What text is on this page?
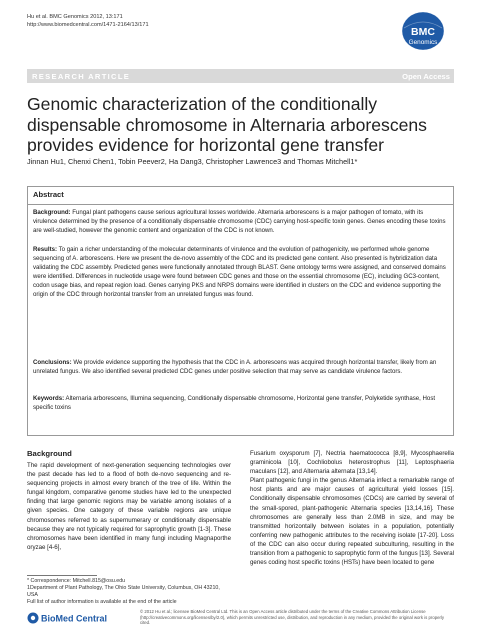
Hu et al. BMC Genomics 2012, 13:171
http://www.biomedcentral.com/1471-2164/13/171
BMC
Genomics
RESEARCH ARTICLE	Open Access
Genomic characterization of the conditionally dispensable chromosome in Alternaria arborescens provides evidence for horizontal gene transfer
Jinnan Hu1, Chenxi Chen1, Tobin Peever2, Ha Dang3, Christopher Lawrence3 and Thomas Mitchell1*
Abstract
Background: Fungal plant pathogens cause serious agricultural losses worldwide. Alternaria arborescens is a major pathogen of tomato, with its virulence determined by the presence of a conditionally dispensable chromosome (CDC) carrying host-specific toxin genes. Genes encoding these toxins are well-studied, however the genomic content and organization of the CDC is not known.
Results: To gain a richer understanding of the molecular determinants of virulence and the evolution of pathogenicity, we performed whole genome sequencing of A. arborescens. Here we present the de-novo assembly of the CDC and its predicted gene content. Also presented is hybridization data validating the CDC assembly. Predicted genes were functionally annotated through BLAST. Gene ontology terms were assigned, and conserved domains were identified. Differences in nucleotide usage were found between CDC genes and those on the essential chromosome (EC), including GC3-content, codon usage bias, and repeat region load. Genes carrying PKS and NRPS domains were identified in clusters on the CDC and evidence supporting the origin of the CDC through horizontal transfer from an unrelated fungus was found.
Conclusions: We provide evidence supporting the hypothesis that the CDC in A. arborescens was acquired through horizontal transfer, likely from an unrelated fungus. We also identified several predicted CDC genes under positive selection that may serve as candidate virulence factors.
Keywords: Alternaria arborescens, Illumina sequencing, Conditionally dispensable chromosome, Horizontal gene transfer, Polyketide synthase, Host specific toxins
Background
The rapid development of next-generation sequencing technologies over the past decade has led to a flood of both de-novo sequencing and re-sequencing projects in almost every branch of the tree of life. Within the fungal kingdom, comparative genome studies have led to the unexpected finding that large genomic regions may be variable among isolates of a given species. One category of these variable regions are unique chromosomes referred to as supernumerary or conditionally dispensable because they are not typically required for saprophytic growth [1-3]. These chromosomes have been identified in many fungi including Magnaporthe oryzae [4-6],
Fusarium oxysporum [7], Nectria haematococca [8,9], Mycosphaerella graminicola [10], Cochliobolus heterostrophus [11], Leptosphaeria maculans [12], and Alternaria alternata [13,14].
Plant pathogenic fungi in the genus Alternaria infect a remarkable range of host plants and are major causes of agricultural yield losses [15]. Conditionally dispensable chromosomes (CDCs) are carried by several of the small-spored, plant-pathogenic Alternaria species [13,14,16]. These chromosomes are generally less than 2.0MB in size, and may be transmitted horizontally between isolates in a population, potentially conferring new pathogenic attributes to the receiving isolate [17-20]. Loss of the CDC can also occur during repeated subculturing, resulting in the transition from a pathogenic to saprophytic form of the fungus [13]. Several genes coding host specific toxins (HSTs) have been located to gene
* Correspondence: Mitchell.815@osu.edu
1Department of Plant Pathology, The Ohio State University, Columbus, OH 43210, USA
Full list of author information is available at the end of the article
BioMed Central
© 2012 Hu et al.; licensee BioMed Central Ltd. This is an Open Access article distributed under the terms of the Creative Commons Attribution License (http://creativecommons.org/licenses/by/2.0), which permits unrestricted use, distribution, and reproduction in any medium, provided the original work is properly cited.
